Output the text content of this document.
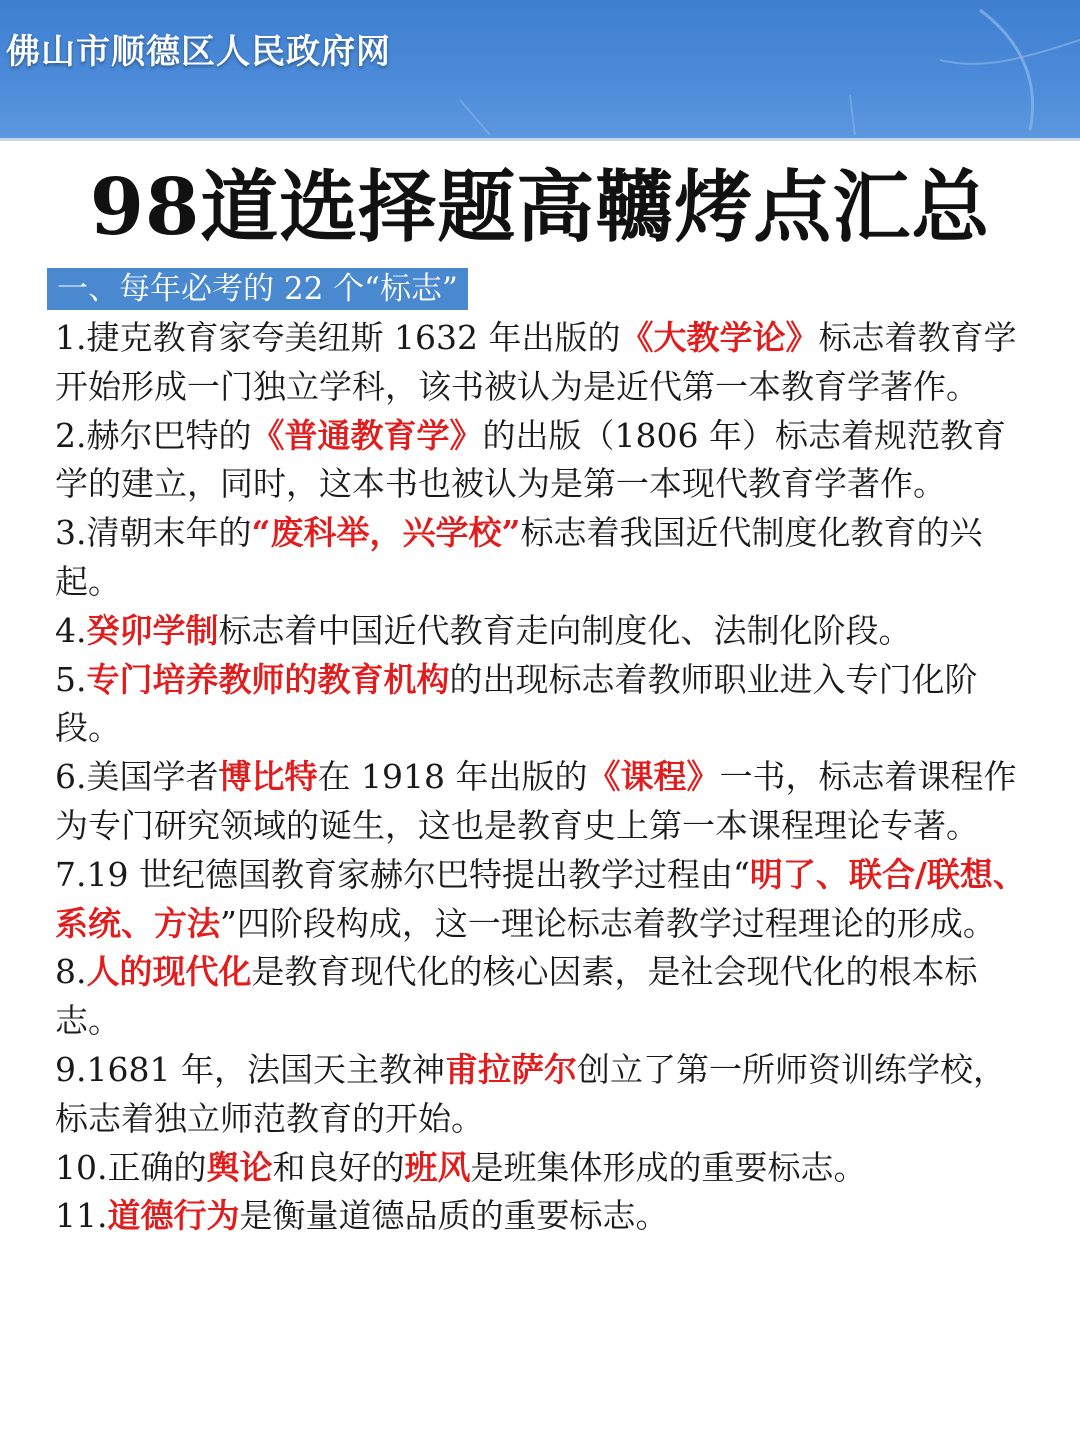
佛山市顺德区人民政府网
98道选择题高韉烤点汇总
一、每年必考的 22 个“标志”

1.捷克教育家夸美纽斯 1632 年出版的《大教学论》标志着教育学开始形成一门独立学科，该书被认为是近代第一本教育学著作。

2.赫尔巴特的《普通教育学》的出版（1806 年）标志着规范教育学的建立，同时，这本书也被认为是第一本现代教育学著作。

3.清朝末年的“废科举，兴学校”标志着我国近代制度化教育的兴起。

4.癸卯学制标志着中国近代教育走向制度化、法制化阶段。

5.专门培养教师的教育机构的出现标志着教师职业进入专门化阶段。

6.美国学者博比特在 1918 年出版的《课程》一书，标志着课程作为专门研究领域的诞生，这也是教育史上第一本课程理论专著。

7.19 世纪德国教育家赫尔巴特提出教学过程由“明了、联合/联想、系统、方法”四阶段构成，这一理论标志着教学过程理论的形成。

8.人的现代化是教育现代化的核心因素，是社会现代化的根本标志。

9.1681 年，法国天主教神甫拉萨尔创立了第一所师资训练学校，标志着独立师范教育的开始。

10.正确的舆论和良好的班风是班集体形成的重要标志。

11.道德行为是衡量道德品质的重要标志。
